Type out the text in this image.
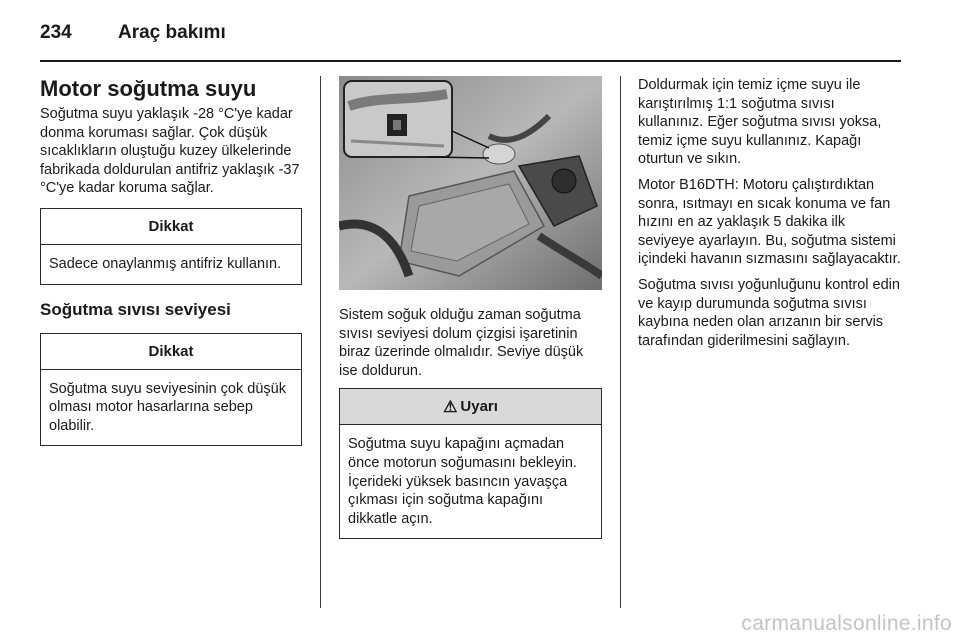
234 Araç bakımı
Motor soğutma suyu

Soğutma suyu yaklaşık -28 °C'ye kadar donma koruması sağlar. Çok düşük sıcaklıkların oluştuğu kuzey ülkelerinde fabrikada doldurulan antifriz yaklaşık -37 °C'ye kadar koruma sağlar.

Dikkat
Sadece onaylanmış antifriz kullanın.
Soğutma sıvısı seviyesi
Dikkat
Soğutma suyu seviyesinin çok düşük olması motor hasarlarına sebep olabilir.

Sistem soğuk olduğu zaman soğutma sıvısı seviyesi dolum çizgisi işaretinin biraz üzerinde olmalıdır. Seviye düşük ise doldurun.

⚠ Uyarı
Soğutma suyu kapağını açmadan önce motorun soğumasını bekleyin. İçerideki yüksek basıncın yavaşça çıkması için soğutma kapağını dikkatle açın.

Doldurmak için temiz içme suyu ile karıştırılmış 1:1 soğutma sıvısı kullanınız. Eğer soğutma sıvısı yoksa, temiz içme suyu kullanınız. Kapağı oturtun ve sıkın.

Motor B16DTH: Motoru çalıştırdıktan sonra, ısıtmayı en sıcak konuma ve fan hızını en az yaklaşık 5 dakika ilk seviyeye ayarlayın. Bu, soğutma sistemi içindeki havanın sızmasını sağlayacaktır.

Soğutma sıvısı yoğunluğunu kontrol edin ve kayıp durumunda soğutma sıvısı kaybına neden olan arızanın bir servis tarafından giderilmesini sağlayın.

carmanualsonline.info
